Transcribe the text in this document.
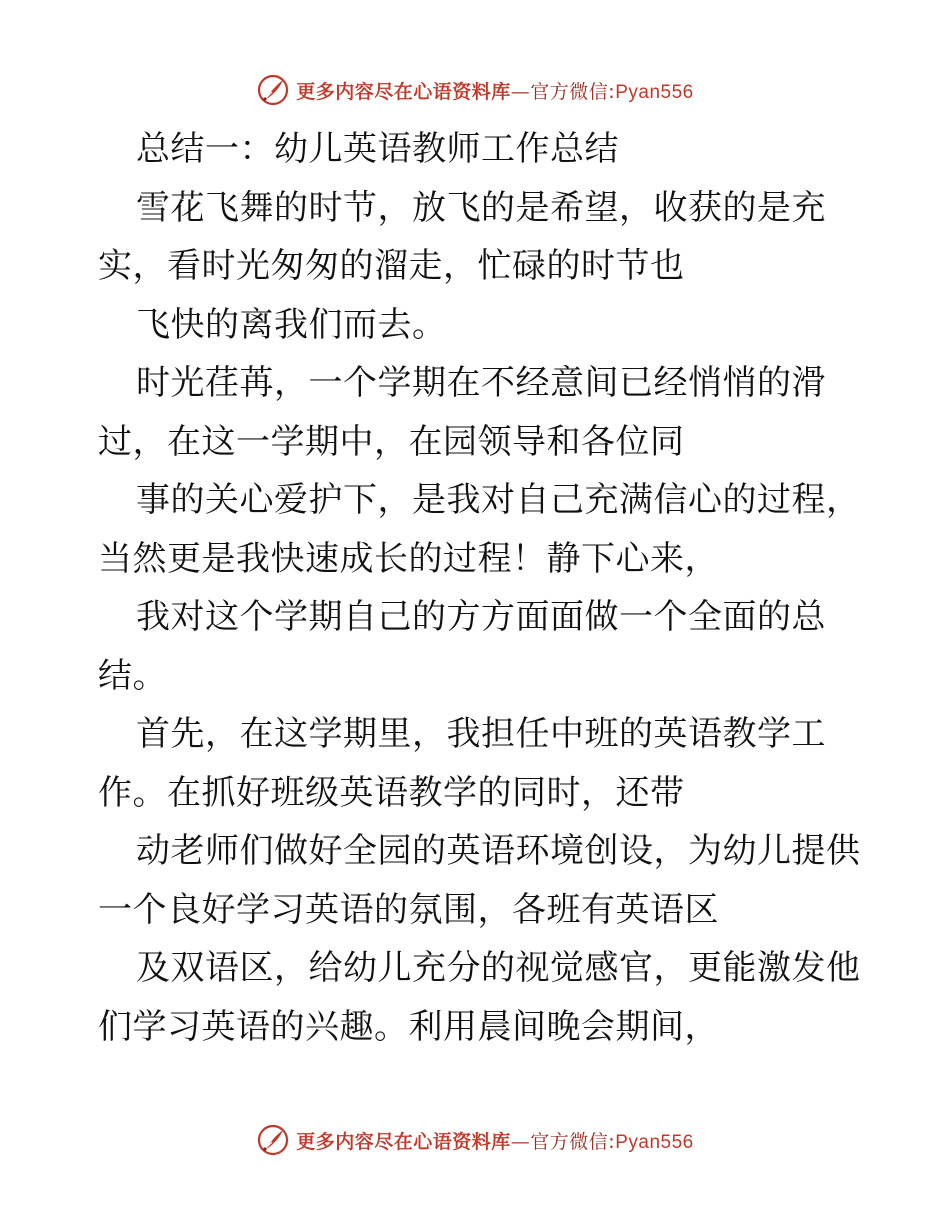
更多内容尽在心语资料库—官方微信:Pyan556
总结一：幼儿英语教师工作总结
雪花飞舞的时节，放飞的是希望，收获的是充
实，看时光匆匆的溜走，忙碌的时节也
飞快的离我们而去。
时光荏苒，一个学期在不经意间已经悄悄的滑
过，在这一学期中，在园领导和各位同
事的关心爱护下，是我对自己充满信心的过程，
当然更是我快速成长的过程！静下心来，
我对这个学期自己的方方面面做一个全面的总
结。
首先，在这学期里，我担任中班的英语教学工
作。在抓好班级英语教学的同时，还带
动老师们做好全园的英语环境创设，为幼儿提供
一个良好学习英语的氛围，各班有英语区
及双语区，给幼儿充分的视觉感官，更能激发他
们学习英语的兴趣。利用晨间晚会期间，
更多内容尽在心语资料库—官方微信:Pyan556
